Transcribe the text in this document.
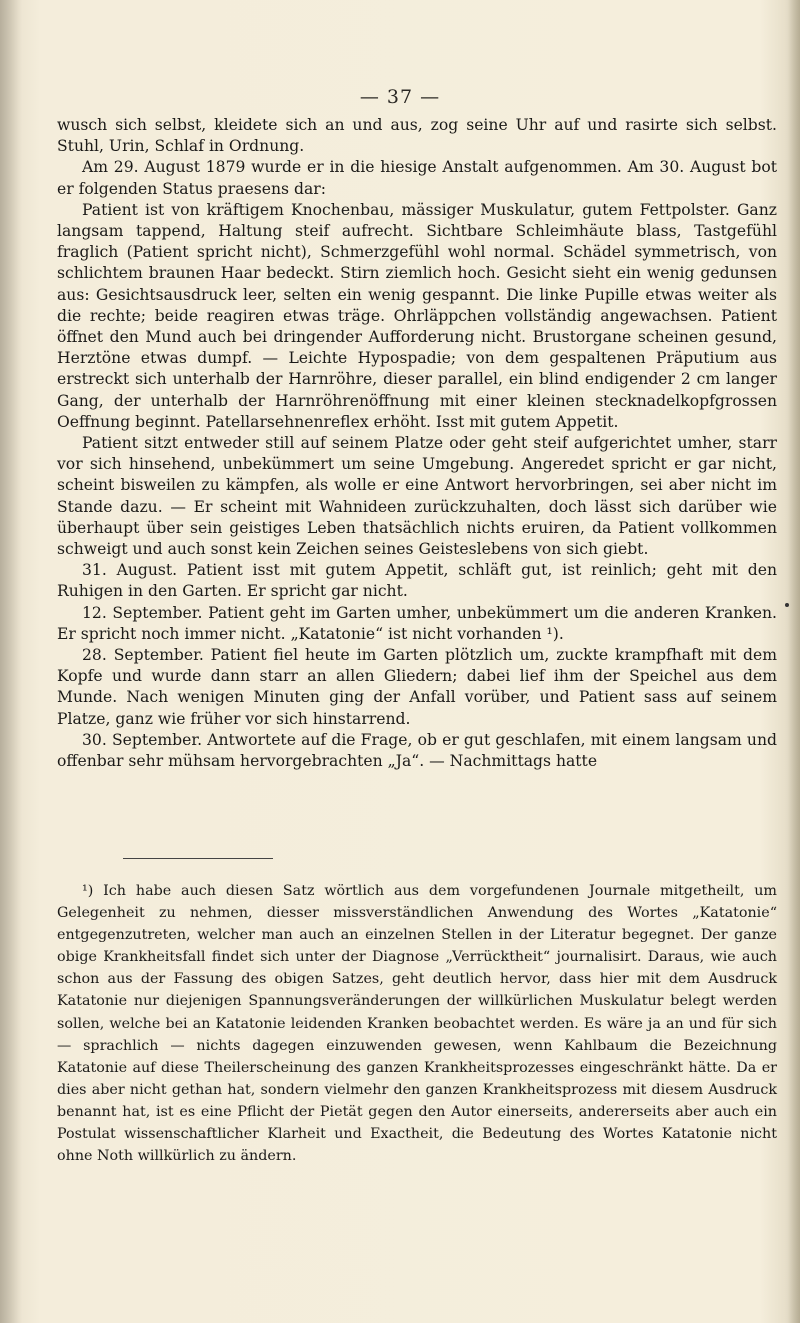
— 37 —

wusch sich selbst, kleidete sich an und aus, zog seine Uhr auf und rasirte sich selbst. Stuhl, Urin, Schlaf in Ordnung.

Am 29. August 1879 wurde er in die hiesige Anstalt aufgenommen. Am 30. August bot er folgenden Status praesens dar:

Patient ist von kräftigem Knochenbau, mässiger Muskulatur, gutem Fettpolster. Ganz langsam tappend, Haltung steif aufrecht. Sichtbare Schleimhäute blass, Tastgefühl fraglich (Patient spricht nicht), Schmerzgefühl wohl normal. Schädel symmetrisch, von schlichtem braunen Haar bedeckt. Stirn ziemlich hoch. Gesicht sieht ein wenig gedunsen aus: Gesichtsausdruck leer, selten ein wenig gespannt. Die linke Pupille etwas weiter als die rechte; beide reagiren etwas träge. Ohrläppchen vollständig angewachsen. Patient öffnet den Mund auch bei dringender Aufforderung nicht. Brustorgane scheinen gesund, Herztöne etwas dumpf. — Leichte Hypospadie; von dem gespaltenen Präputium aus erstreckt sich unterhalb der Harnröhre, dieser parallel, ein blind endigender 2 cm langer Gang, der unterhalb der Harnröhrenöffnung mit einer kleinen stecknadelkopfgrossen Oeffnung beginnt. Patellarsehnenreflex erhöht. Isst mit gutem Appetit.

Patient sitzt entweder still auf seinem Platze oder geht steif aufgerichtet umher, starr vor sich hinsehend, unbekümmert um seine Umgebung. Angeredet spricht er gar nicht, scheint bisweilen zu kämpfen, als wolle er eine Antwort hervorbringen, sei aber nicht im Stande dazu. — Er scheint mit Wahnideen zurückzuhalten, doch lässt sich darüber wie überhaupt über sein geistiges Leben thatsächlich nichts eruiren, da Patient vollkommen schweigt und auch sonst kein Zeichen seines Geisteslebens von sich giebt.

31. August. Patient isst mit gutem Appetit, schläft gut, ist reinlich; geht mit den Ruhigen in den Garten. Er spricht gar nicht.

12. September. Patient geht im Garten umher, unbekümmert um die anderen Kranken. Er spricht noch immer nicht. „Katatonie“ ist nicht vorhanden ¹).

28. September. Patient fiel heute im Garten plötzlich um, zuckte krampfhaft mit dem Kopfe und wurde dann starr an allen Gliedern; dabei lief ihm der Speichel aus dem Munde. Nach wenigen Minuten ging der Anfall vorüber, und Patient sass auf seinem Platze, ganz wie früher vor sich hinstarrend.

30. September. Antwortete auf die Frage, ob er gut geschlafen, mit einem langsam und offenbar sehr mühsam hervorgebrachten „Ja“. — Nachmittags hatte

¹) Ich habe auch diesen Satz wörtlich aus dem vorgefundenen Journale mitgetheilt, um Gelegenheit zu nehmen, diesser missverständlichen Anwendung des Wortes „Katatonie“ entgegenzutreten, welcher man auch an einzelnen Stellen in der Literatur begegnet. Der ganze obige Krankheitsfall findet sich unter der Diagnose „Verrücktheit“ journalisirt. Daraus, wie auch schon aus der Fassung des obigen Satzes, geht deutlich hervor, dass hier mit dem Ausdruck Katatonie nur diejenigen Spannungsveränderungen der willkürlichen Muskulatur belegt werden sollen, welche bei an Katatonie leidenden Kranken beobachtet werden. Es wäre ja an und für sich — sprachlich — nichts dagegen einzuwenden gewesen, wenn Kahlbaum die Bezeichnung Katatonie auf diese Theilerscheinung des ganzen Krankheitsprozesses eingeschränkt hätte. Da er dies aber nicht gethan hat, sondern vielmehr den ganzen Krankheitsprozess mit diesem Ausdruck benannt hat, ist es eine Pflicht der Pietät gegen den Autor einerseits, andererseits aber auch ein Postulat wissenschaftlicher Klarheit und Exactheit, die Bedeutung des Wortes Katatonie nicht ohne Noth willkürlich zu ändern.
